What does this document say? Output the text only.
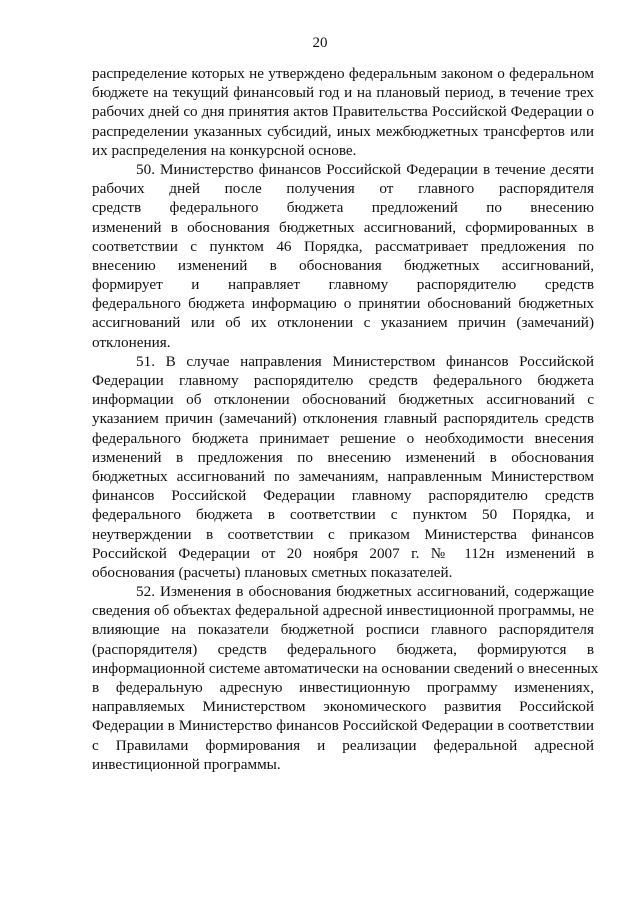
20
распределение которых не утверждено федеральным законом о федеральном
бюджете на текущий финансовый год и на плановый период, в течение трех
рабочих дней со дня принятия актов Правительства Российской Федерации о
распределении указанных субсидий, иных межбюджетных трансфертов или
их распределения на конкурсной основе.
50. Министерство финансов Российской Федерации в течение десяти
рабочих дней после получения от главного распорядителя
средств федерального бюджета предложений по внесению
изменений в обоснования бюджетных ассигнований, сформированных в
соответствии с пунктом 46 Порядка, рассматривает предложения по
внесению изменений в обоснования бюджетных ассигнований,
формирует и направляет главному распорядителю средств
федерального бюджета информацию о принятии обоснований бюджетных
ассигнований или об их отклонении с указанием причин (замечаний)
отклонения.
51. В случае направления Министерством финансов Российской
Федерации главному распорядителю средств федерального бюджета
информации об отклонении обоснований бюджетных ассигнований с
указанием причин (замечаний) отклонения главный распорядитель средств
федерального бюджета принимает решение о необходимости внесения
изменений в предложения по внесению изменений в обоснования
бюджетных ассигнований по замечаниям, направленным Министерством
финансов Российской Федерации главному распорядителю средств
федерального бюджета в соответствии с пунктом 50 Порядка, и
неутверждении в соответствии с приказом Министерства финансов
Российской Федерации от 20 ноября 2007 г. № 112н изменений в
обоснования (расчеты) плановых сметных показателей.
52. Изменения в обоснования бюджетных ассигнований, содержащие
сведения об объектах федеральной адресной инвестиционной программы, не
влияющие на показатели бюджетной росписи главного распорядителя
(распорядителя) средств федерального бюджета, формируются в
информационной системе автоматически на основании сведений о внесенных
в федеральную адресную инвестиционную программу изменениях,
направляемых Министерством экономического развития Российской
Федерации в Министерство финансов Российской Федерации в соответствии
с Правилами формирования и реализации федеральной адресной
инвестиционной программы.
